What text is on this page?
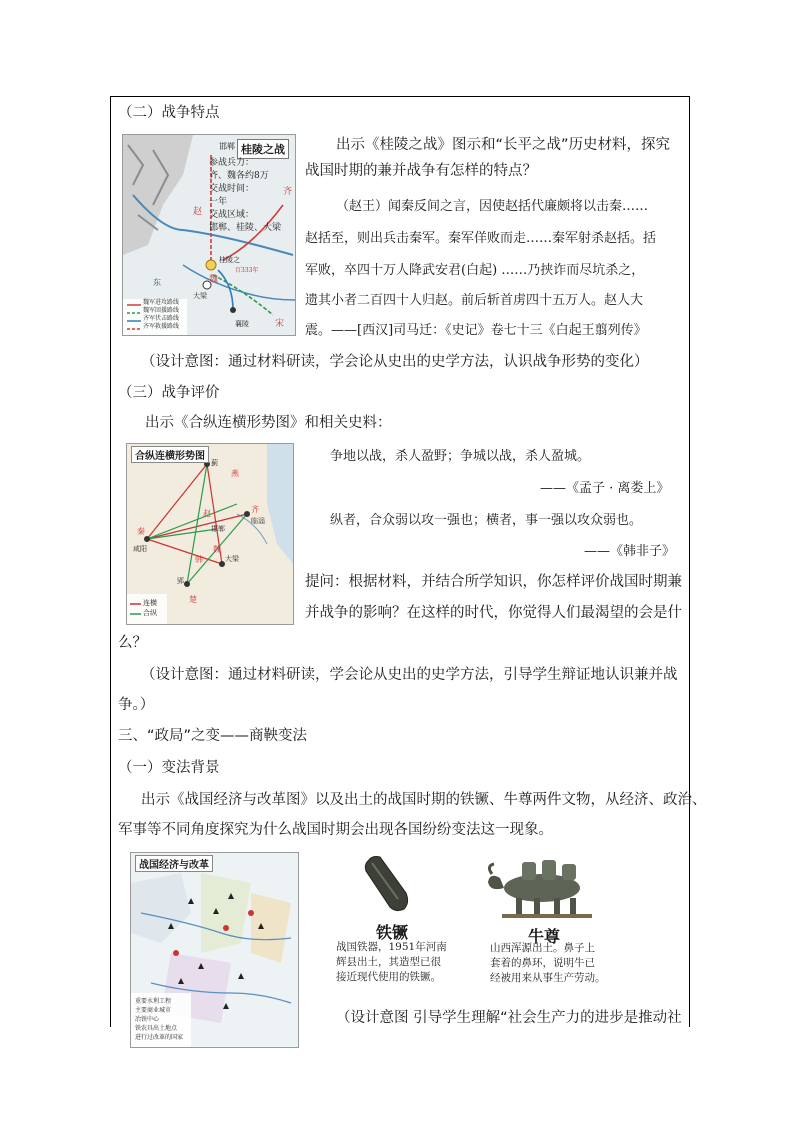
（二）战争特点
桂陵之战
参战兵力：
齐、魏各约8万
交战时间：
一年
交战区域：
邯郸、桂陵、大梁
邯郸
齐
桂陵之
大梁
襄陵	宋
魏
东
赵
百333年
魏军进攻路线
魏军回援路线
齐军伏击路线
齐军救援路线
出示《桂陵之战》图示和“长平之战”历史材料，探究
战国时期的兼并战争有怎样的特点？
（赵王）闻秦反间之言，因使赵括代廉颇将以击秦……
赵括至，则出兵击秦军。秦军佯败而走……秦军射杀赵括。括
军败，卒四十万人降武安君(白起) ……乃挟诈而尽坑杀之，
遗其小者二百四十人归赵。前后斩首虏四十五万人。赵人大
震。——[西汉]司马迁：《史记》卷七十三《白起王翦列传》
（设计意图：通过材料研读，学会论从史出的史学方法，认识战争形势的变化）
（三）战争评价
出示《合纵连横形势图》和相关史料：
合纵连横形势图
燕
齐
赵
魏
韩
秦
楚
咸阳
大梁
郢
临淄
邯郸
蓟
连横
合纵
争地以战，杀人盈野；争城以战，杀人盈城。
——《孟子 · 离娄上》
纵者，合众弱以攻一强也；横者，事一强以攻众弱也。
——《韩非子》
提问：根据材料，并结合所学知识，你怎样评价战国时期兼
并战争的影响？在这样的时代，你觉得人们最渴望的会是什
么？
（设计意图：通过材料研读，学会论从史出的史学方法，引导学生辩证地认识兼并战
争。）
三、“政局”之变——商鞅变法
（一）变法背景
出示《战国经济与改革图》以及出土的战国时期的铁镢、牛尊两件文物，从经济、政治、
军事等不同角度探究为什么战国时期会出现各国纷纷变法这一现象。
战国经济与改革
重要水利工程
主要商业城市
冶铁中心
铁农具出土地点
进行过改革的国家
铁镢
战国铁器，1951年河南
辉县出土，其造型已很
接近现代使用的铁镢。
牛尊
山西浑源出土。鼻子上
套着的鼻环，说明牛已
经被用来从事生产劳动。
（设计意图 引导学生理解“社会生产力的进步是推动社
